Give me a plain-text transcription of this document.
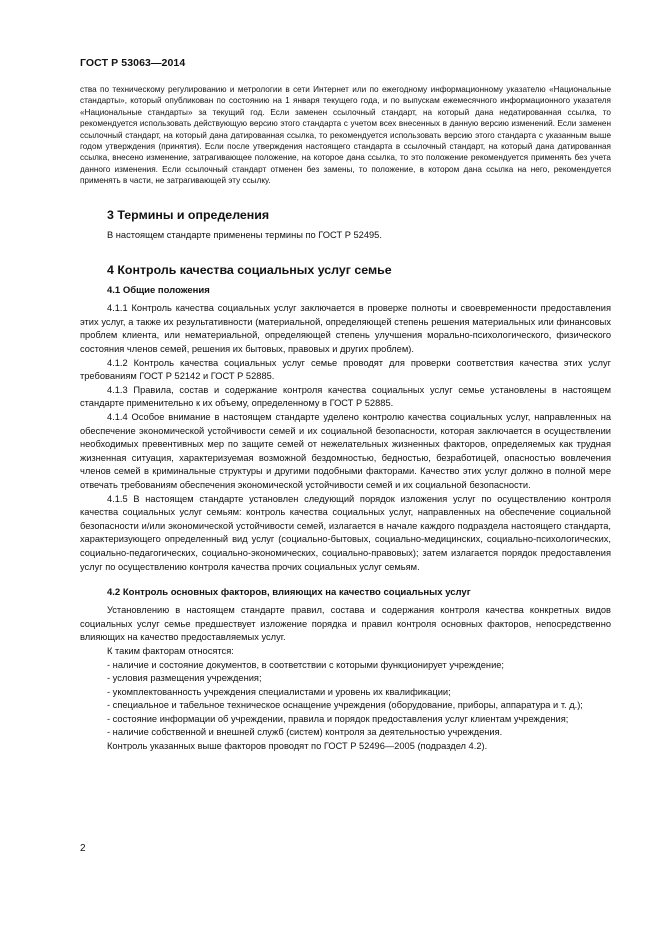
ГОСТ Р 53063—2014

ства по техническому регулированию и метрологии в сети Интернет или по ежегодному информационному указателю «Национальные стандарты», который опубликован по состоянию на 1 января текущего года, и по выпускам ежемесячного информационного указателя «Национальные стандарты» за текущий год. Если заменен ссылочный стандарт, на который дана недатированная ссылка, то рекомендуется использовать действующую версию этого стандарта с учетом всех внесенных в данную версию изменений. Если заменен ссылочный стандарт, на который дана датированная ссылка, то рекомендуется использовать версию этого стандарта с указанным выше годом утверждения (принятия). Если после утверждения настоящего стандарта в ссылочный стандарт, на который дана датированная ссылка, внесено изменение, затрагивающее положение, на которое дана ссылка, то это положение рекомендуется применять без учета данного изменения. Если ссылочный стандарт отменен без замены, то положение, в котором дана ссылка на него, рекомендуется применять в части, не затрагивающей эту ссылку.

3 Термины и определения

В настоящем стандарте применены термины по ГОСТ Р 52495.

4 Контроль качества социальных услуг семье
4.1 Общие положения

4.1.1 Контроль качества социальных услуг заключается в проверке полноты и своевременности предоставления этих услуг, а также их результативности (материальной, определяющей степень решения материальных или финансовых проблем клиента, или нематериальной, определяющей степень улучшения морально-психологического, физического состояния членов семей, решения их бытовых, правовых и других проблем).

4.1.2 Контроль качества социальных услуг семье проводят для проверки соответствия качества этих услуг требованиям ГОСТ Р 52142 и ГОСТ Р 52885.

4.1.3 Правила, состав и содержание контроля качества социальных услуг семье установлены в настоящем стандарте применительно к их объему, определенному в ГОСТ Р 52885.

4.1.4 Особое внимание в настоящем стандарте уделено контролю качества социальных услуг, направленных на обеспечение экономической устойчивости семей и их социальной безопасности, которая заключается в осуществлении необходимых превентивных мер по защите семей от нежелательных жизненных факторов, определяемых как трудная жизненная ситуация, характеризуемая возможной бездомностью, бедностью, безработицей, опасностью вовлечения членов семей в криминальные структуры и другими подобными факторами. Качество этих услуг должно в полной мере отвечать требованиям обеспечения экономической устойчивости семей и их социальной безопасности.

4.1.5 В настоящем стандарте установлен следующий порядок изложения услуг по осуществлению контроля качества социальных услуг семьям: контроль качества социальных услуг, направленных на обеспечение социальной безопасности и/или экономической устойчивости семей, излагается в начале каждого подраздела настоящего стандарта, характеризующего определенный вид услуг (социально-бытовых, социально-медицинских, социально-психологических, социально-педагогических, социально-экономических, социально-правовых); затем излагается порядок предоставления услуг по осуществлению контроля качества прочих социальных услуг семьям.

4.2 Контроль основных факторов, влияющих на качество социальных услуг

Установлению в настоящем стандарте правил, состава и содержания контроля качества конкретных видов социальных услуг семье предшествует изложение порядка и правил контроля основных факторов, непосредственно влияющих на качество предоставляемых услуг.

К таким факторам относятся:

- наличие и состояние документов, в соответствии с которыми функционирует учреждение;

- условия размещения учреждения;

- укомплектованность учреждения специалистами и уровень их квалификации;

- специальное и табельное техническое оснащение учреждения (оборудование, приборы, аппаратура и т. д.);

- состояние информации об учреждении, правила и порядок предоставления услуг клиентам учреждения;

- наличие собственной и внешней служб (систем) контроля за деятельностью учреждения.

Контроль указанных выше факторов проводят по ГОСТ Р 52496—2005 (подраздел 4.2).

2
